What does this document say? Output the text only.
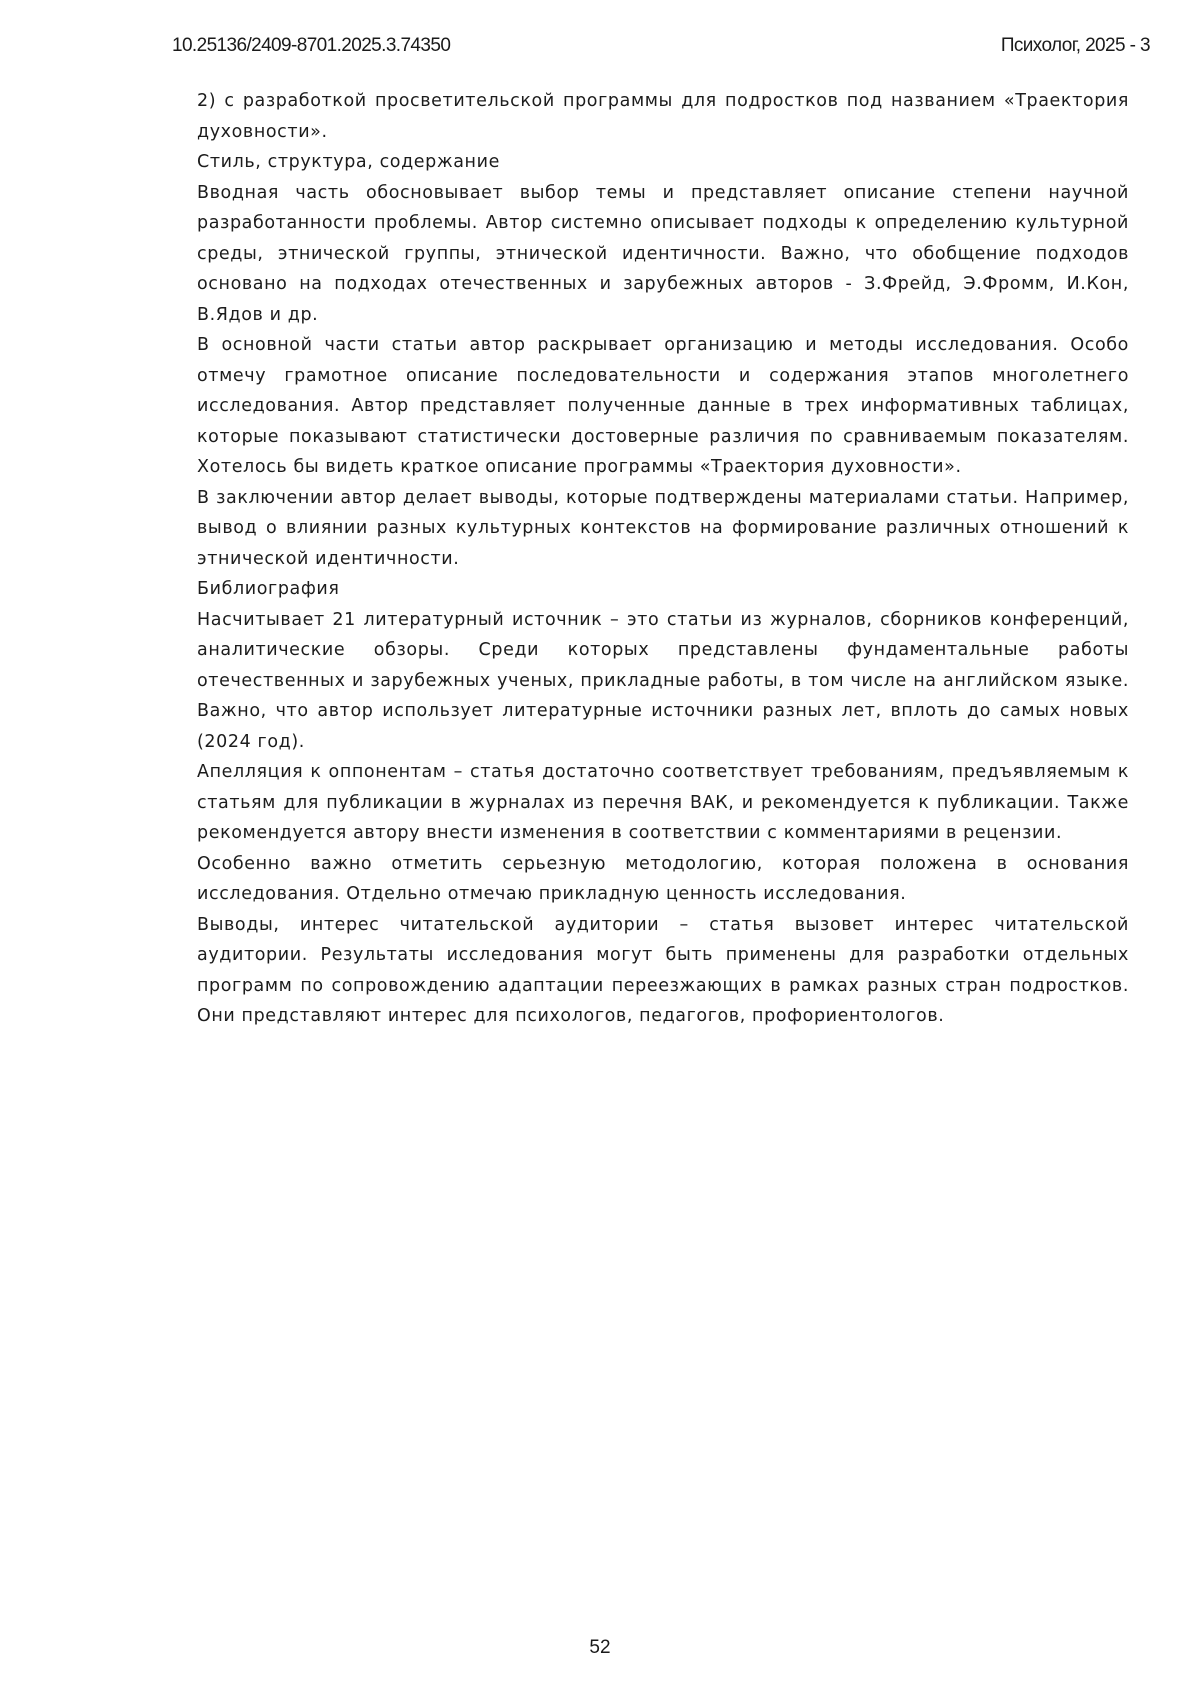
10.25136/2409-8701.2025.3.74350	Психолог, 2025 - 3

2) с разработкой просветительской программы для подростков под названием «Траектория духовности».

Стиль, структура, содержание

Вводная часть обосновывает выбор темы и представляет описание степени научной разработанности проблемы. Автор системно описывает подходы к определению культурной среды, этнической группы, этнической идентичности. Важно, что обобщение подходов основано на подходах отечественных и зарубежных авторов - З.Фрейд, Э.Фромм, И.Кон, В.Ядов и др.

В основной части статьи автор раскрывает организацию и методы исследования. Особо отмечу грамотное описание последовательности и содержания этапов многолетнего исследования. Автор представляет полученные данные в трех информативных таблицах, которые показывают статистически достоверные различия по сравниваемым показателям. Хотелось бы видеть краткое описание программы «Траектория духовности».

В заключении автор делает выводы, которые подтверждены материалами статьи. Например, вывод о влиянии разных культурных контекстов на формирование различных отношений к этнической идентичности.

Библиография

Насчитывает 21 литературный источник – это статьи из журналов, сборников конференций, аналитические обзоры. Среди которых представлены фундаментальные работы отечественных и зарубежных ученых, прикладные работы, в том числе на английском языке. Важно, что автор использует литературные источники разных лет, вплоть до самых новых (2024 год).

Апелляция к оппонентам – статья достаточно соответствует требованиям, предъявляемым к статьям для публикации в журналах из перечня ВАК, и рекомендуется к публикации. Также рекомендуется автору внести изменения в соответствии с комментариями в рецензии.

Особенно важно отметить серьезную методологию, которая положена в основания исследования. Отдельно отмечаю прикладную ценность исследования.

Выводы, интерес читательской аудитории – статья вызовет интерес читательской аудитории. Результаты исследования могут быть применены для разработки отдельных программ по сопровождению адаптации переезжающих в рамках разных стран подростков. Они представляют интерес для психологов, педагогов, профориентологов.

52
